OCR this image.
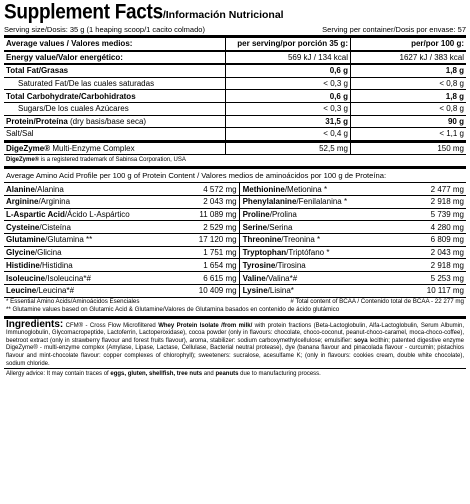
Supplement Facts/Información Nutricional
Serving size/Dosis: 35 g (1 heaping scoop/1 cacito colmado)	Serving per container/Dosis por envase: 57
Average values / Valores medios:	per serving/por porción 35 g:	per/por 100 g:
Energy value/Valor energético:	569 kJ / 134 kcal	1627 kJ / 383 kcal
Total Fat/Grasas	0,6 g	1,8 g
Saturated Fat/De las cuales saturadas	< 0,3 g	< 0,8 g
Total Carbohydrate/Carbohidratos	0,6 g	1,8 g
Sugars/De los cuales Azúcares	< 0,3 g	< 0,8 g
Protein/Proteína (dry basis/base seca)	31,5 g	90 g
Salt/Sal	< 0,4 g	< 1,1 g
DigeZyme® Multi-Enzyme Complex	52,5 mg	150 mg
DigeZyme® is a registered trademark of Sabinsa Corporation, USA
Average Amino Acid Profile per 100 g of Protein Content / Valores medios de aminoácidos por 100 g de Proteína:
Alanine/Alanina	4 572 mg	Methionine/Metionina *	2 477 mg
Arginine/Arginina	2 043 mg	Phenylalanine/Fenilalanina *	2 918 mg
L-Aspartic Acid/Ácido L-Aspártico	11 089 mg	Proline/Prolina	5 739 mg
Cysteine/Cisteína	2 529 mg	Serine/Serina	4 280 mg
Glutamine/Glutamina **	17 120 mg	Threonine/Treonina *	6 809 mg
Glycine/Glicina	1 751 mg	Tryptophan/Triptófano *	2 043 mg
Histidine/Histidina	1 654 mg	Tyrosine/Tirosina	2 918 mg
Isoleucine/Isoleucina*#	6 615 mg	Valine/Valina*#	5 253 mg
Leucine/Leucina*#	10 409 mg	Lysine/Lisina*	10 117 mg
* Essential Amino Acids/Aminoácidos Esenciales	# Total content of BCAA / Contenido total de BCAA - 22 277 mg
** Glutamine values based on Glutamic Acid & Glutamine/Valores de Glutamina basados en contenido de ácido glutámico
Ingredients: CFM® - Cross Flow Microfiltered Whey Protein Isolate /from milk/ with protein fractions (Beta-Lactoglobulin, Alfa-Lactoglobulin, Serum Albumin, Immunoglobulin, Glycomacropeptide, Lactoferrin, Lactoperoxidase), cocoa powder (only in flavours: chocolate, choco-coconut, peanut-choco-caramel, moca-choco-coffee), beetroot extract (only in strawberry flavour and forest fruits flavour), aroma, stabilizer: sodium carboxymethylcellulose; emulsifier: soya lecithin; patented digestive enzyme DigeZyme® - multi-enzyme complex (Amylase, Lipase, Lactase, Cellulase, Bacterial neutral protease), dye (banana flavour and pinacolada flavour - curcumin; pistachios flavour and mint-chocolate flavour: copper complexes of chlorophyll); sweeteners: sucralose, acesulfame K; (only in flavours: cookies cream, double white chocolate), sodium chloride.
Allergy advice: It may contain traces of eggs, gluten, shellfish, tree nuts and peanuts due to manufacturing process.
